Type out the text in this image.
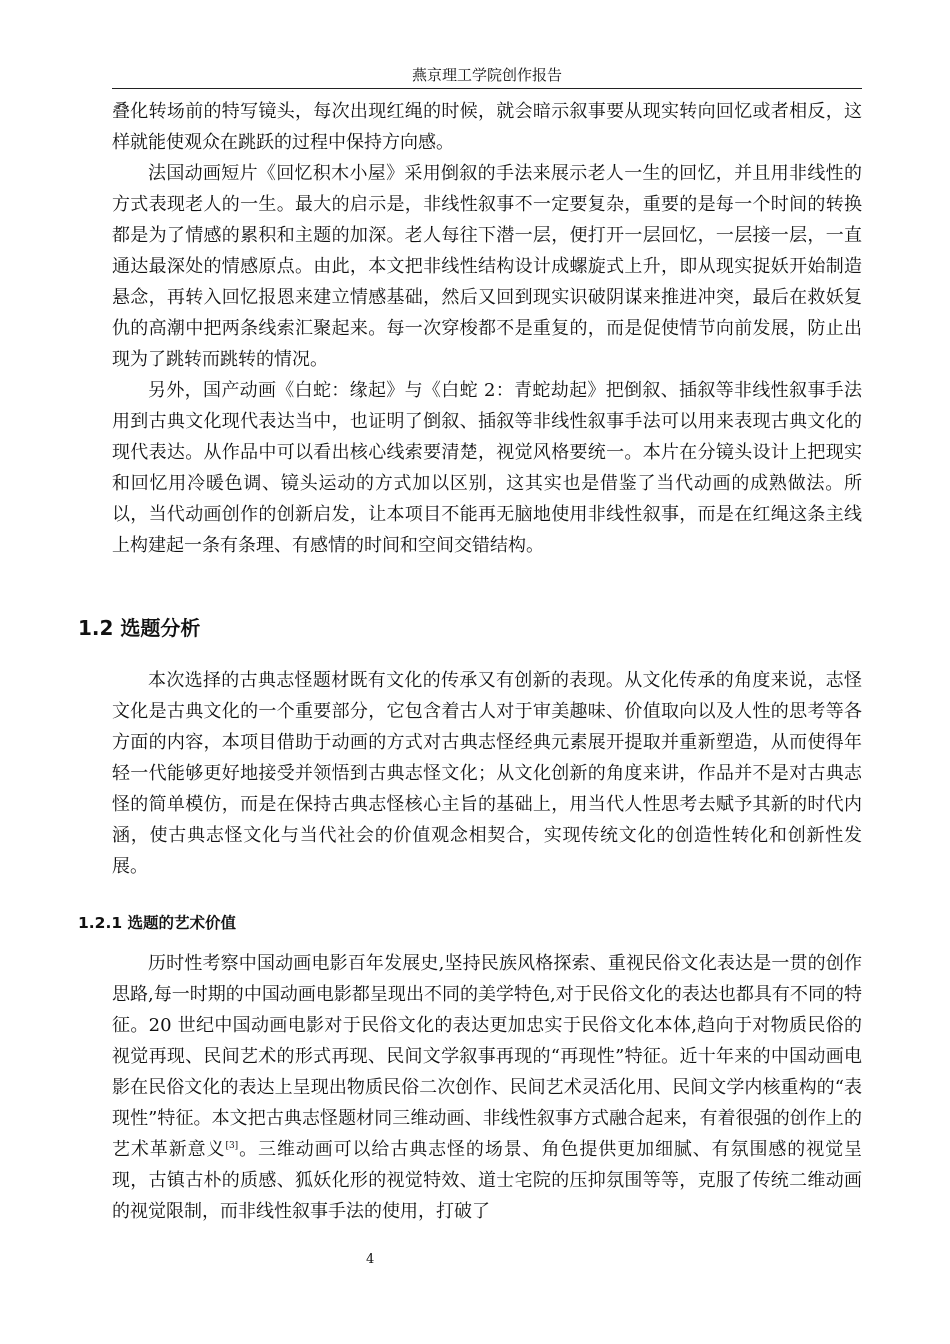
燕京理工学院创作报告

叠化转场前的特写镜头，每次出现红绳的时候，就会暗示叙事要从现实转向回忆或者相反，这样就能使观众在跳跃的过程中保持方向感。

法国动画短片《回忆积木小屋》采用倒叙的手法来展示老人一生的回忆，并且用非线性的方式表现老人的一生。最大的启示是，非线性叙事不一定要复杂，重要的是每一个时间的转换都是为了情感的累积和主题的加深。老人每往下潜一层，便打开一层回忆，一层接一层，一直通达最深处的情感原点。由此，本文把非线性结构设计成螺旋式上升，即从现实捉妖开始制造悬念，再转入回忆报恩来建立情感基础，然后又回到现实识破阴谋来推进冲突，最后在救妖复仇的高潮中把两条线索汇聚起来。每一次穿梭都不是重复的，而是促使情节向前发展，防止出现为了跳转而跳转的情况。

另外，国产动画《白蛇：缘起》与《白蛇 2：青蛇劫起》把倒叙、插叙等非线性叙事手法用到古典文化现代表达当中，也证明了倒叙、插叙等非线性叙事手法可以用来表现古典文化的现代表达。从作品中可以看出核心线索要清楚，视觉风格要统一。本片在分镜头设计上把现实和回忆用冷暖色调、镜头运动的方式加以区别，这其实也是借鉴了当代动画的成熟做法。所以，当代动画创作的创新启发，让本项目不能再无脑地使用非线性叙事，而是在红绳这条主线上构建起一条有条理、有感情的时间和空间交错结构。

1.2 选题分析

本次选择的古典志怪题材既有文化的传承又有创新的表现。从文化传承的角度来说，志怪文化是古典文化的一个重要部分，它包含着古人对于审美趣味、价值取向以及人性的思考等各方面的内容，本项目借助于动画的方式对古典志怪经典元素展开提取并重新塑造，从而使得年轻一代能够更好地接受并领悟到古典志怪文化；从文化创新的角度来讲，作品并不是对古典志怪的简单模仿，而是在保持古典志怪核心主旨的基础上，用当代人性思考去赋予其新的时代内涵，使古典志怪文化与当代社会的价值观念相契合，实现传统文化的创造性转化和创新性发展。

1.2.1 选题的艺术价值

历时性考察中国动画电影百年发展史,坚持民族风格探索、重视民俗文化表达是一贯的创作思路,每一时期的中国动画电影都呈现出不同的美学特色,对于民俗文化的表达也都具有不同的特征。20 世纪中国动画电影对于民俗文化的表达更加忠实于民俗文化本体,趋向于对物质民俗的视觉再现、民间艺术的形式再现、民间文学叙事再现的“再现性”特征。近十年来的中国动画电影在民俗文化的表达上呈现出物质民俗二次创作、民间艺术灵活化用、民间文学内核重构的“表现性”特征。本文把古典志怪题材同三维动画、非线性叙事方式融合起来，有着很强的创作上的艺术革新意义[3]。三维动画可以给古典志怪的场景、角色提供更加细腻、有氛围感的视觉呈现，古镇古朴的质感、狐妖化形的视觉特效、道士宅院的压抑氛围等等，克服了传统二维动画的视觉限制，而非线性叙事手法的使用，打破了

4
